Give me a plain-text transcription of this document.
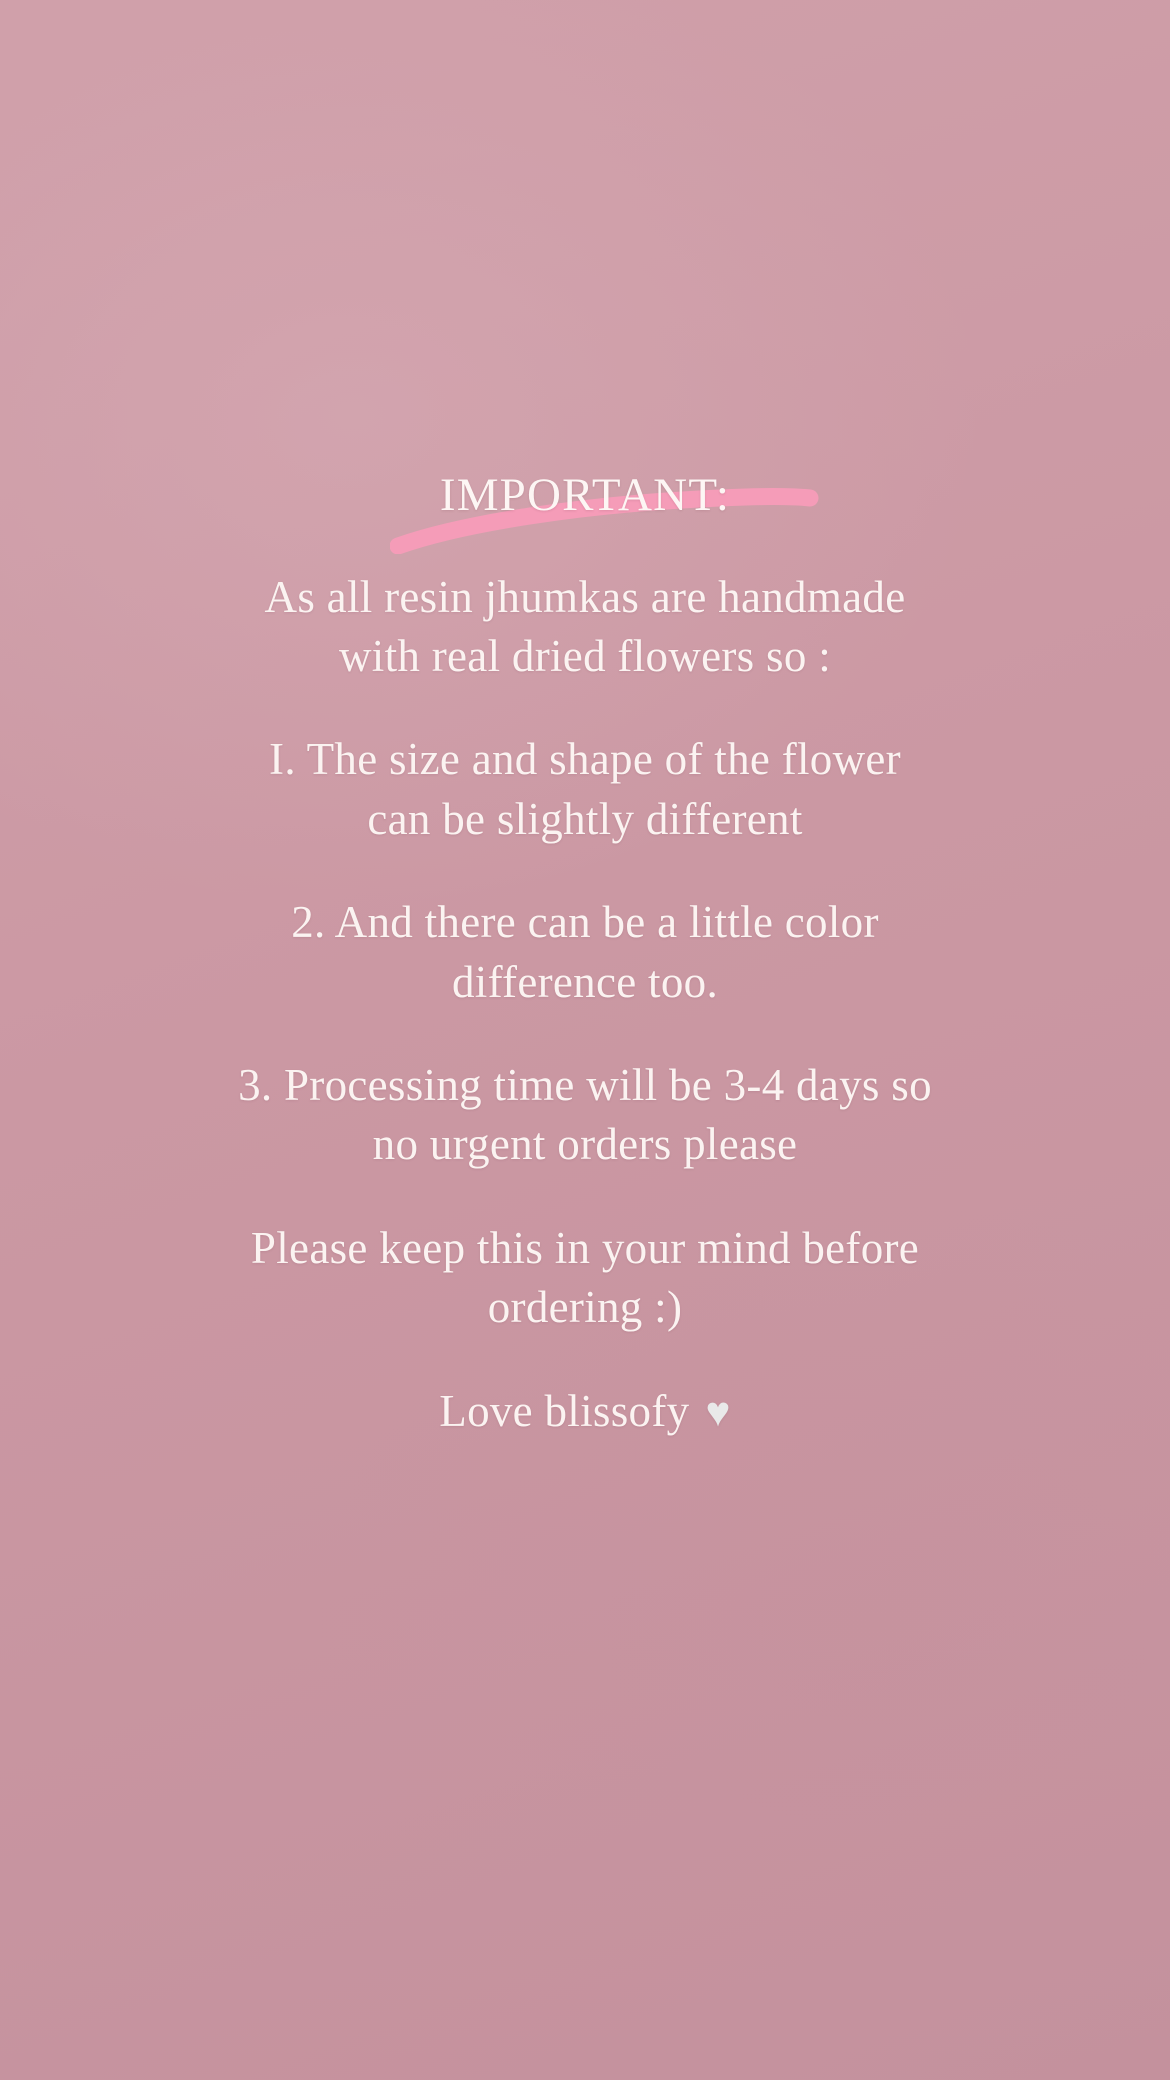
IMPORTANT:

As all resin jhumkas are handmade with real dried flowers so :

I. The size and shape of the flower can be slightly different

2. And there can be a little color difference too.

3. Processing time will be 3-4 days so no urgent orders please

Please keep this in your mind before ordering :)

Love blissofy ♥
